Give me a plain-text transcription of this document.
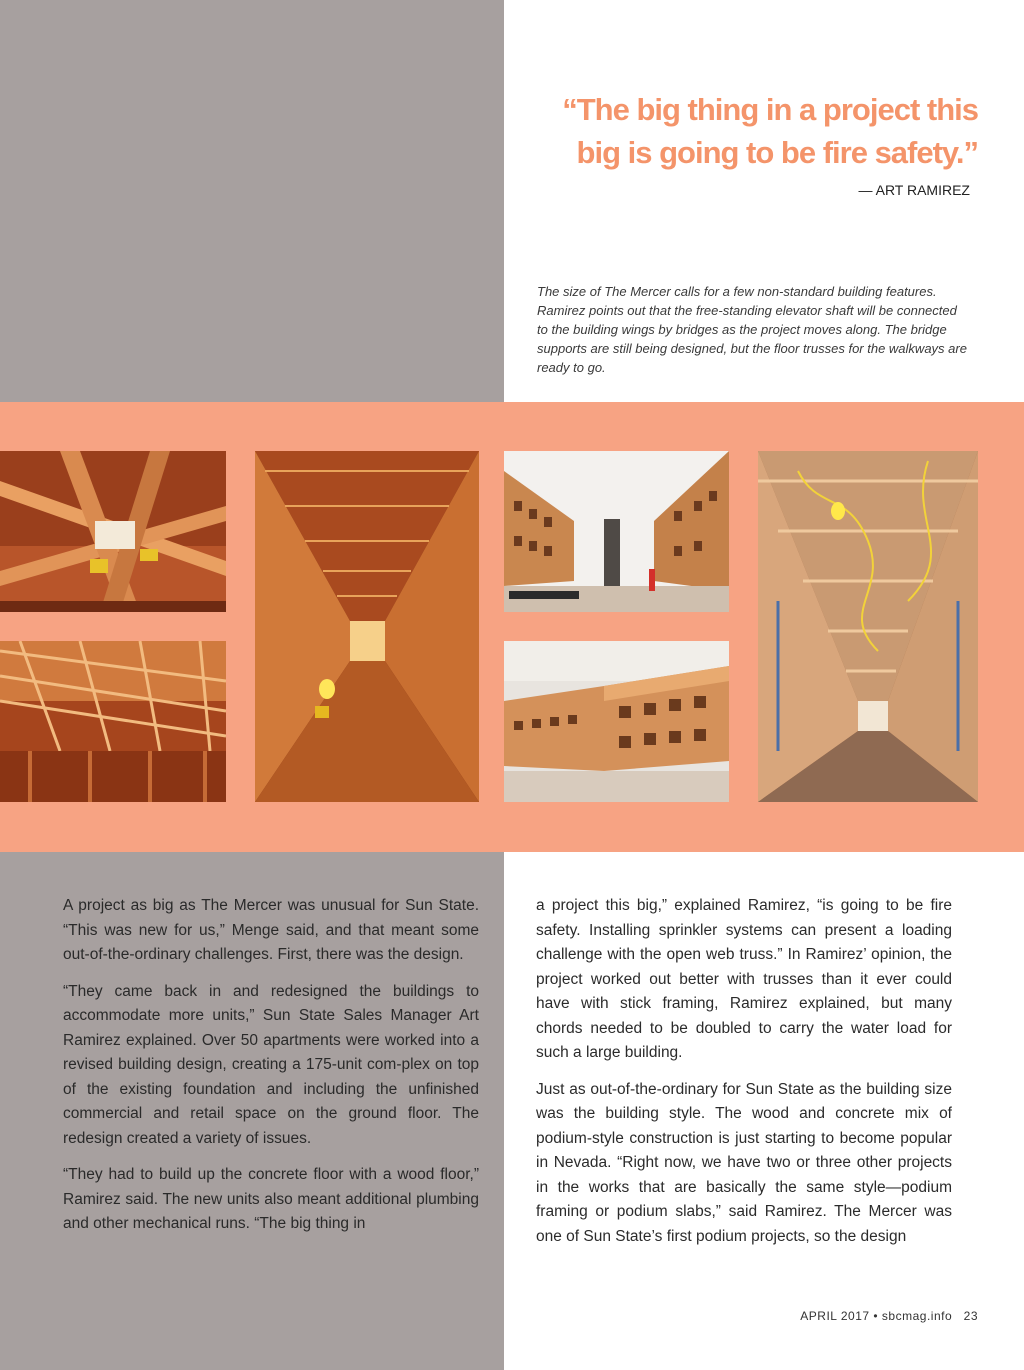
“The big thing in a project this
big is going to be fire safety.”

— ART RAMIREZ

The size of The Mercer calls for a few non-standard building features. Ramirez points out that the free-standing elevator shaft will be connected to the building wings by bridges as the project moves along. The bridge supports are still being designed, but the floor trusses for the walkways are ready to go.

A project as big as The Mercer was unusual for Sun State. “This was new for us,” Menge said, and that meant some out-of-the-ordinary challenges. First, there was the design.

“They came back in and redesigned the buildings to accommodate more units,” Sun State Sales Manager Art Ramirez explained. Over 50 apartments were worked into a revised building design, creating a 175-unit com-plex on top of the existing foundation and including the unfinished commercial and retail space on the ground floor. The redesign created a variety of issues.

“They had to build up the concrete floor with a wood floor,” Ramirez said. The new units also meant additional plumbing and other mechanical runs. “The big thing in

a project this big,” explained Ramirez, “is going to be fire safety. Installing sprinkler systems can present a loading challenge with the open web truss.” In Ramirez’ opinion, the project worked out better with trusses than it ever could have with stick framing, Ramirez explained, but many chords needed to be doubled to carry the water load for such a large building.

Just as out-of-the-ordinary for Sun State as the building size was the building style. The wood and concrete mix of podium-style construction is just starting to become popular in Nevada. “Right now, we have two or three other projects in the works that are basically the same style—podium framing or podium slabs,” said Ramirez. The Mercer was one of Sun State’s first podium projects, so the design

APRIL 2017 • sbcmag.info 23
